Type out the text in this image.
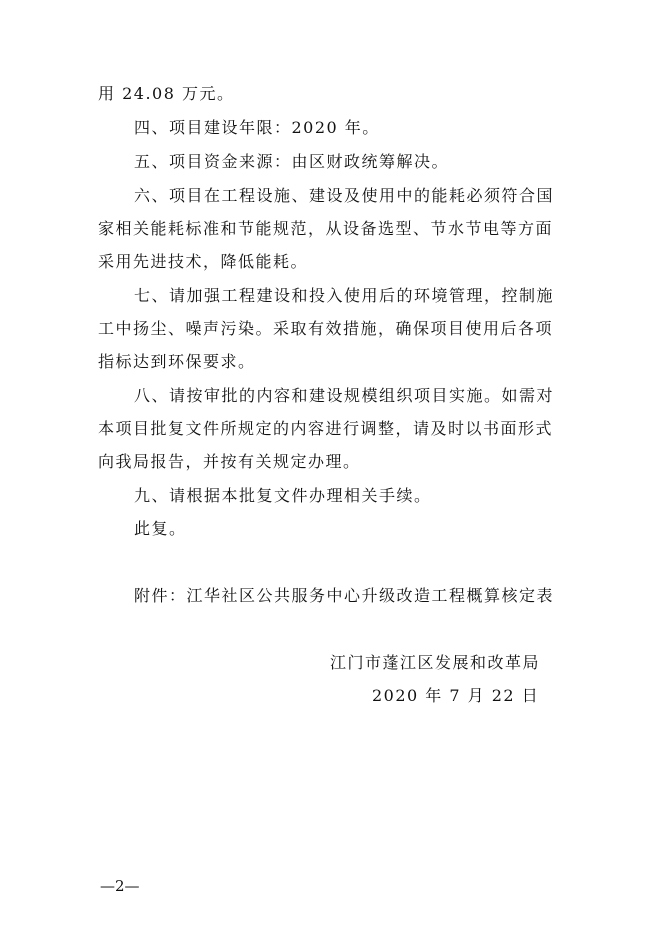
用 24.08 万元。
四、项目建设年限：2020 年。
五、项目资金来源：由区财政统筹解决。
六、项目在工程设施、建设及使用中的能耗必须符合国
家相关能耗标准和节能规范，从设备选型、节水节电等方面
采用先进技术，降低能耗。
七、请加强工程建设和投入使用后的环境管理，控制施
工中扬尘、噪声污染。采取有效措施，确保项目使用后各项
指标达到环保要求。
八、请按审批的内容和建设规模组织项目实施。如需对
本项目批复文件所规定的内容进行调整，请及时以书面形式
向我局报告，并按有关规定办理。
九、请根据本批复文件办理相关手续。
此复。
附件：江华社区公共服务中心升级改造工程概算核定表
江门市蓬江区发展和改革局
2020 年 7 月 22 日
—2—
